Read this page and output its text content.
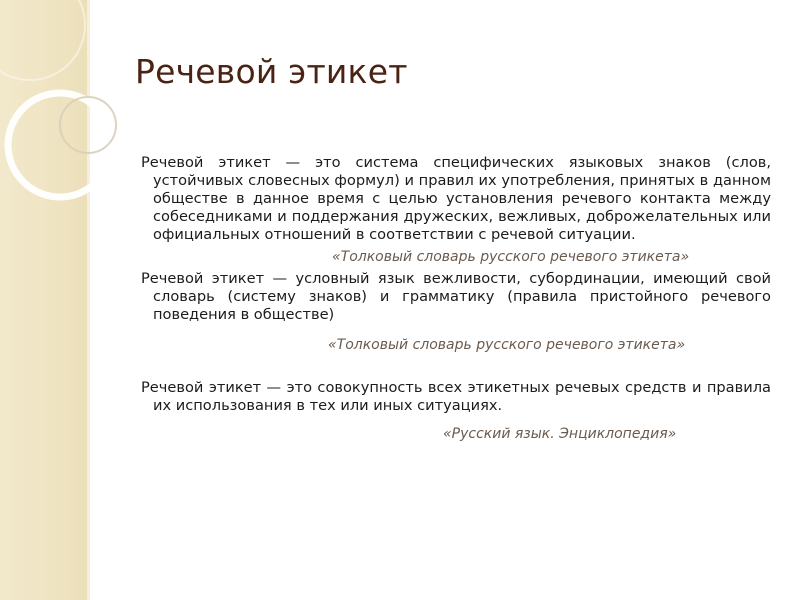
Речевой этикет

Речевой этикет — это система специфических языковых знаков (слов, устойчивых словесных формул) и правил их употребления, принятых в данном обществе в данное время с целью установления речевого контакта между собеседниками и поддержания дружеских, вежливых, доброжелательных или официальных отношений в соответствии с речевой ситуации.

«Толковый словарь русского речевого этикета»

Речевой этикет — условный язык вежливости, субординации, имеющий свой словарь (систему знаков) и грамматику (правила пристойного речевого поведения в обществе)

«Толковый словарь русского речевого этикета»

Речевой этикет — это совокупность всех этикетных речевых средств и правила их использования в тех или иных ситуациях.

«Русский язык. Энциклопедия»
